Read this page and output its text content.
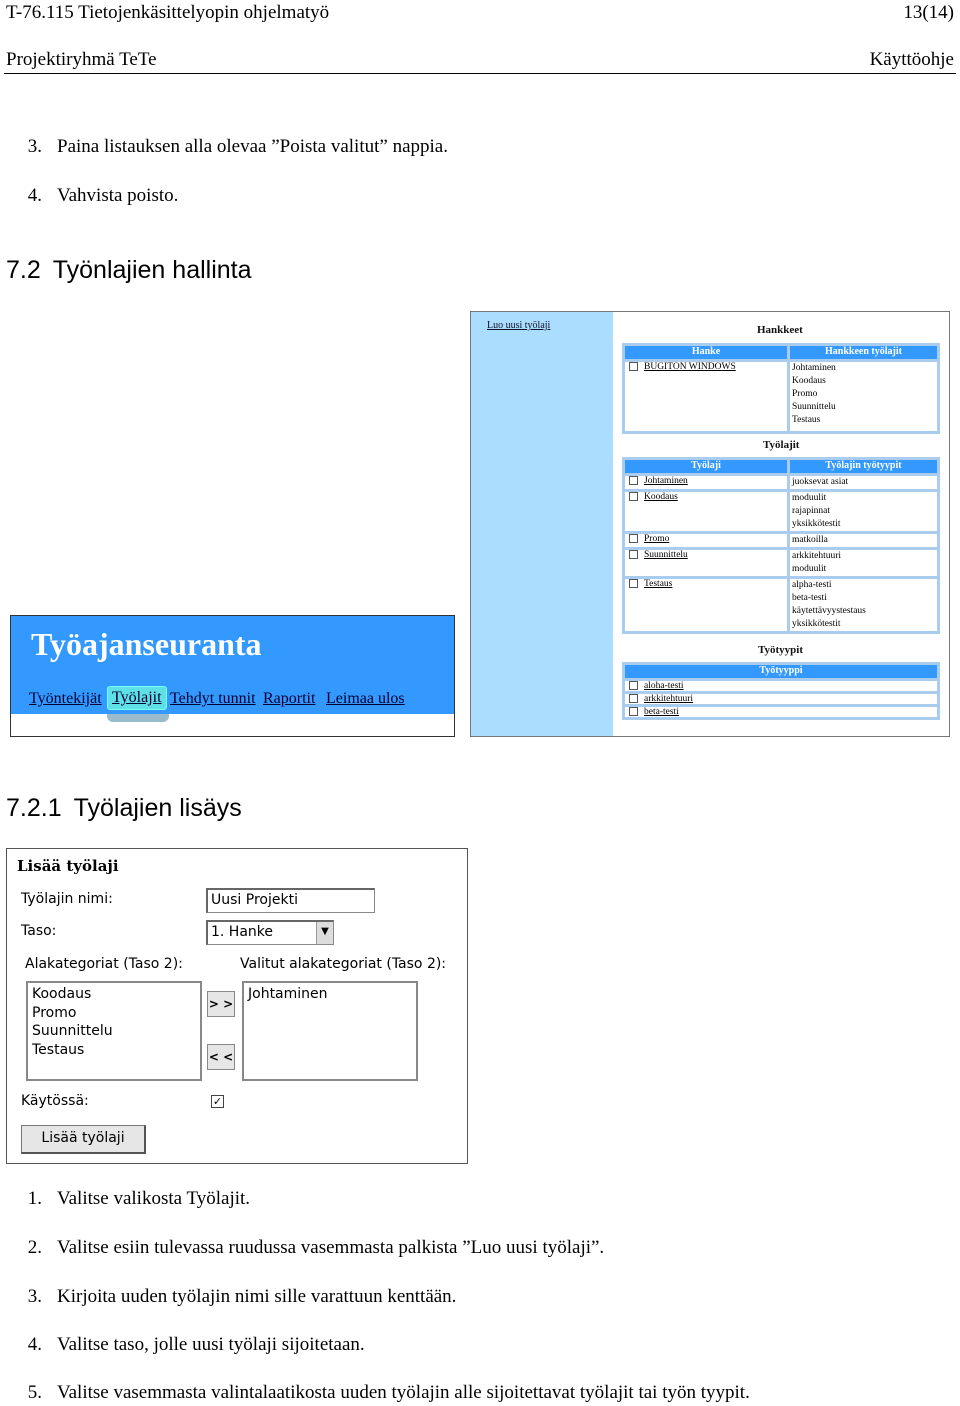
T-76.115 Tietojenkäsittelyopin ohjelmatyö	13(14)
Projektiryhmä TeTe	Käyttöohje
3. Paina listauksen alla olevaa ”Poista valitut” nappia.
4. Vahvista poisto.
7.2 Työnlajien hallinta
Luo uusi työlaji	Hankkeet
Hanke	Hankkeen työlajit
BUGITON WINDOWS	Johtaminen
Koodaus
Promo
Suunnittelu
Testaus
Työlajit
Työlaji	Työlajin työtyypit
Johtaminen	juoksevat asiat

Koodaus	moduulit
rajapinnat
yksikkötestit

Promo	matkoilla

Suunnittelu	arkkitehtuuri
moduulit

Testaus	alpha-testi
beta-testi
käytettävyystestaus
yksikkötestit
Työtyypit
Työtyyppi
aloha-testi
arkkitehtuuri
beta-testi
Työajanseuranta
Työntekijät Työlajit Tehdyt tunnit Raportit Leimaa ulos
7.2.1 Työlajien lisäys
Lisää työlaji
Työlajin nimi:	Uusi Projekti
Taso:	1. Hanke	▼
Alakategoriat (Taso 2):	Valitut alakategoriat (Taso 2):
Koodaus
Promo
Suunnittelu
Testaus
> >
< <
Johtaminen
Käytössä:	✓
Lisää työlaji
1. Valitse valikosta Työlajit.
2. Valitse esiin tulevassa ruudussa vasemmasta palkista ”Luo uusi työlaji”.
3. Kirjoita uuden työlajin nimi sille varattuun kenttään.
4. Valitse taso, jolle uusi työlaji sijoitetaan.
5. Valitse vasemmasta valintalaatikosta uuden työlajin alle sijoitettavat työlajit tai työn tyypit.
